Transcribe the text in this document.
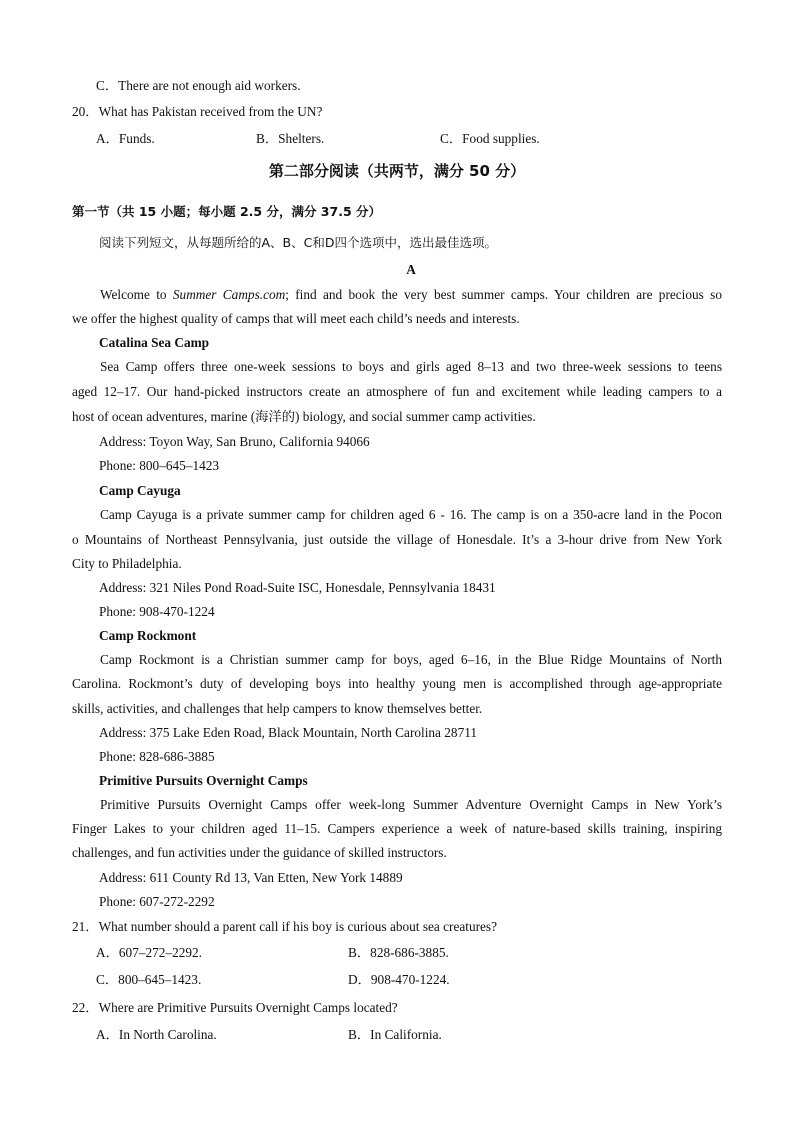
C．There are not enough aid workers.
20．What has Pakistan received from the UN?
A．Funds.	B．Shelters.	C．Food supplies.
第二部分阅读（共两节，满分 50 分）
第一节（共 15 小题；每小题 2.5 分，满分 37.5 分）
阅读下列短文，从每题所给的A、B、C和D四个选项中，选出最佳选项。
A
Welcome to Summer Camps.com; find and book the very best summer camps. Your children are precious so
we offer the highest quality of camps that will meet each child’s needs and interests.
Catalina Sea Camp
Sea Camp offers three one-week sessions to boys and girls aged 8–13 and two three-week sessions to teens
aged 12–17. Our hand-picked instructors create an atmosphere of fun and excitement while leading campers to a
host of ocean adventures, marine (海洋的) biology, and social summer camp activities.
Address: Toyon Way, San Bruno, California 94066
Phone: 800–645–1423
Camp Cayuga
Camp Cayuga is a private summer camp for children aged 6 - 16. The camp is on a 350-acre land in the Pocon
o Mountains of Northeast Pennsylvania, just outside the village of Honesdale. It’s a 3-hour drive from New York
City to Philadelphia.
Address: 321 Niles Pond Road-Suite ISC, Honesdale, Pennsylvania 18431
Phone: 908-470-1224
Camp Rockmont
Camp Rockmont is a Christian summer camp for boys, aged 6–16, in the Blue Ridge Mountains of North
Carolina. Rockmont’s duty of developing boys into healthy young men is accomplished through age-appropriate
skills, activities, and challenges that help campers to know themselves better.
Address: 375 Lake Eden Road, Black Mountain, North Carolina 28711
Phone: 828-686-3885
Primitive Pursuits Overnight Camps
Primitive Pursuits Overnight Camps offer week-long Summer Adventure Overnight Camps in New York’s
Finger Lakes to your children aged 11–15. Campers experience a week of nature-based skills training, inspiring
challenges, and fun activities under the guidance of skilled instructors.
Address: 611 County Rd 13, Van Etten, New York 14889
Phone: 607-272-2292
21．What number should a parent call if his boy is curious about sea creatures?
A．607–272–2292.	B．828-686-3885.
C．800–645–1423.	D．908-470-1224.
22．Where are Primitive Pursuits Overnight Camps located?
A．In North Carolina.	B．In California.
